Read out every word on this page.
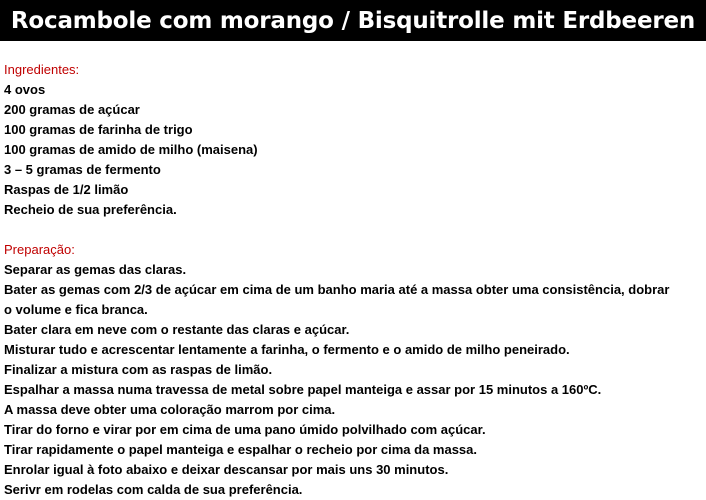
Rocambole com morango / Bisquitrolle mit Erdbeeren
Ingredientes:
4 ovos
200 gramas de açúcar
100 gramas de farinha de trigo
100 gramas de amido de milho (maisena)
3 – 5 gramas de fermento
Raspas de 1/2 limão
Recheio de sua preferência.
Preparação:
Separar as gemas das claras.
Bater as gemas com 2/3 de açúcar em cima de um banho maria até a massa obter uma consistência, dobrar o volume e fica branca.
Bater clara em neve com o restante das claras e açúcar.
Misturar tudo e acrescentar lentamente a farinha, o fermento e o amido de milho peneirado.
Finalizar a mistura com as raspas de limão.
Espalhar a massa numa travessa de metal sobre papel manteiga e assar por 15 minutos a 160ºC.
A massa deve obter uma coloração marrom por cima.
Tirar do forno e virar por em cima de uma pano úmido polvilhado com açúcar.
Tirar rapidamente o papel manteiga e espalhar o recheio por cima da massa.
Enrolar igual à foto abaixo e deixar descansar por mais uns 30 minutos.
Serivr em rodelas com calda de sua preferência.
